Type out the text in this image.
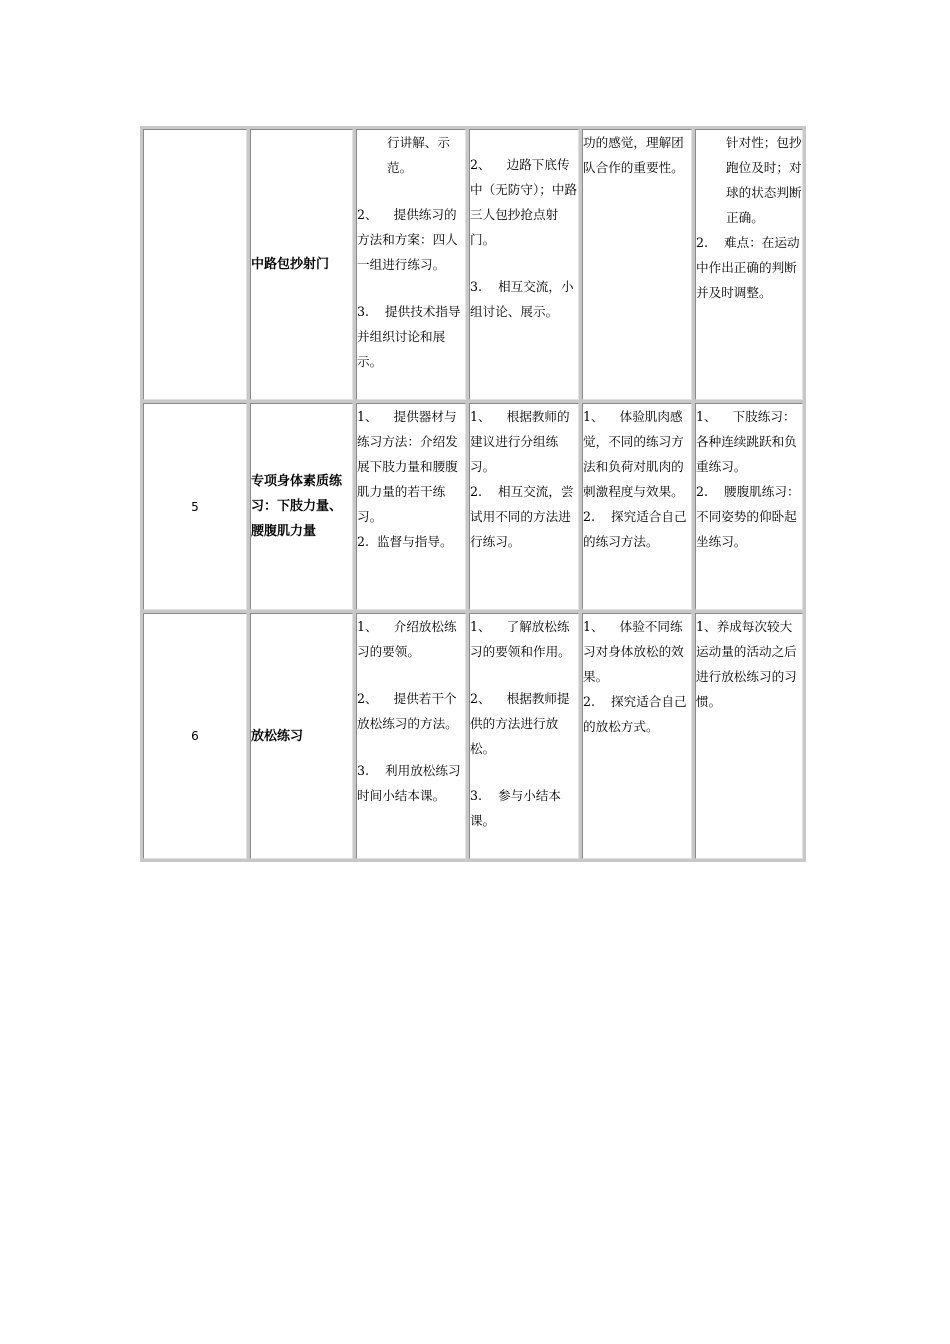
中路包抄射门

行讲解、示范。

2、    提供练习的方法和方案：四人一组进行练习。

3.    提供技术指导并组织讨论和展示。

2、    边路下底传中（无防守）；中路三人包抄抢点射门。

3.    相互交流，小组讨论、展示。

功的感觉，理解团队合作的重要性。

针对性；包抄跑位及时；对球的状态判断正确。

2.    难点：在运动中作出正确的判断并及时调整。

5
专项身体素质练习：下肢力量、腰腹肌力量

1、    提供器材与练习方法：介绍发展下肢力量和腰腹肌力量的若干练习。

2.  监督与指导。

1、    根据教师的建议进行分组练习。

2.    相互交流，尝试用不同的方法进行练习。

1、    体验肌肉感觉，不同的练习方法和负荷对肌肉的刺激程度与效果。

2.    探究适合自己的练习方法。

1、    下肢练习：各种连续跳跃和负重练习。

2.    腰腹肌练习：不同姿势的仰卧起坐练习。

6	放松练习

1、    介绍放松练习的要领。

2、    提供若干个放松练习的方法。

3.    利用放松练习时间小结本课。

1、    了解放松练习的要领和作用。

2、    根据教师提供的方法进行放松。

3.    参与小结本课。

1、    体验不同练习对身体放松的效果。

2.    探究适合自己的放松方式。

1、养成每次较大运动量的活动之后进行放松练习的习惯。
